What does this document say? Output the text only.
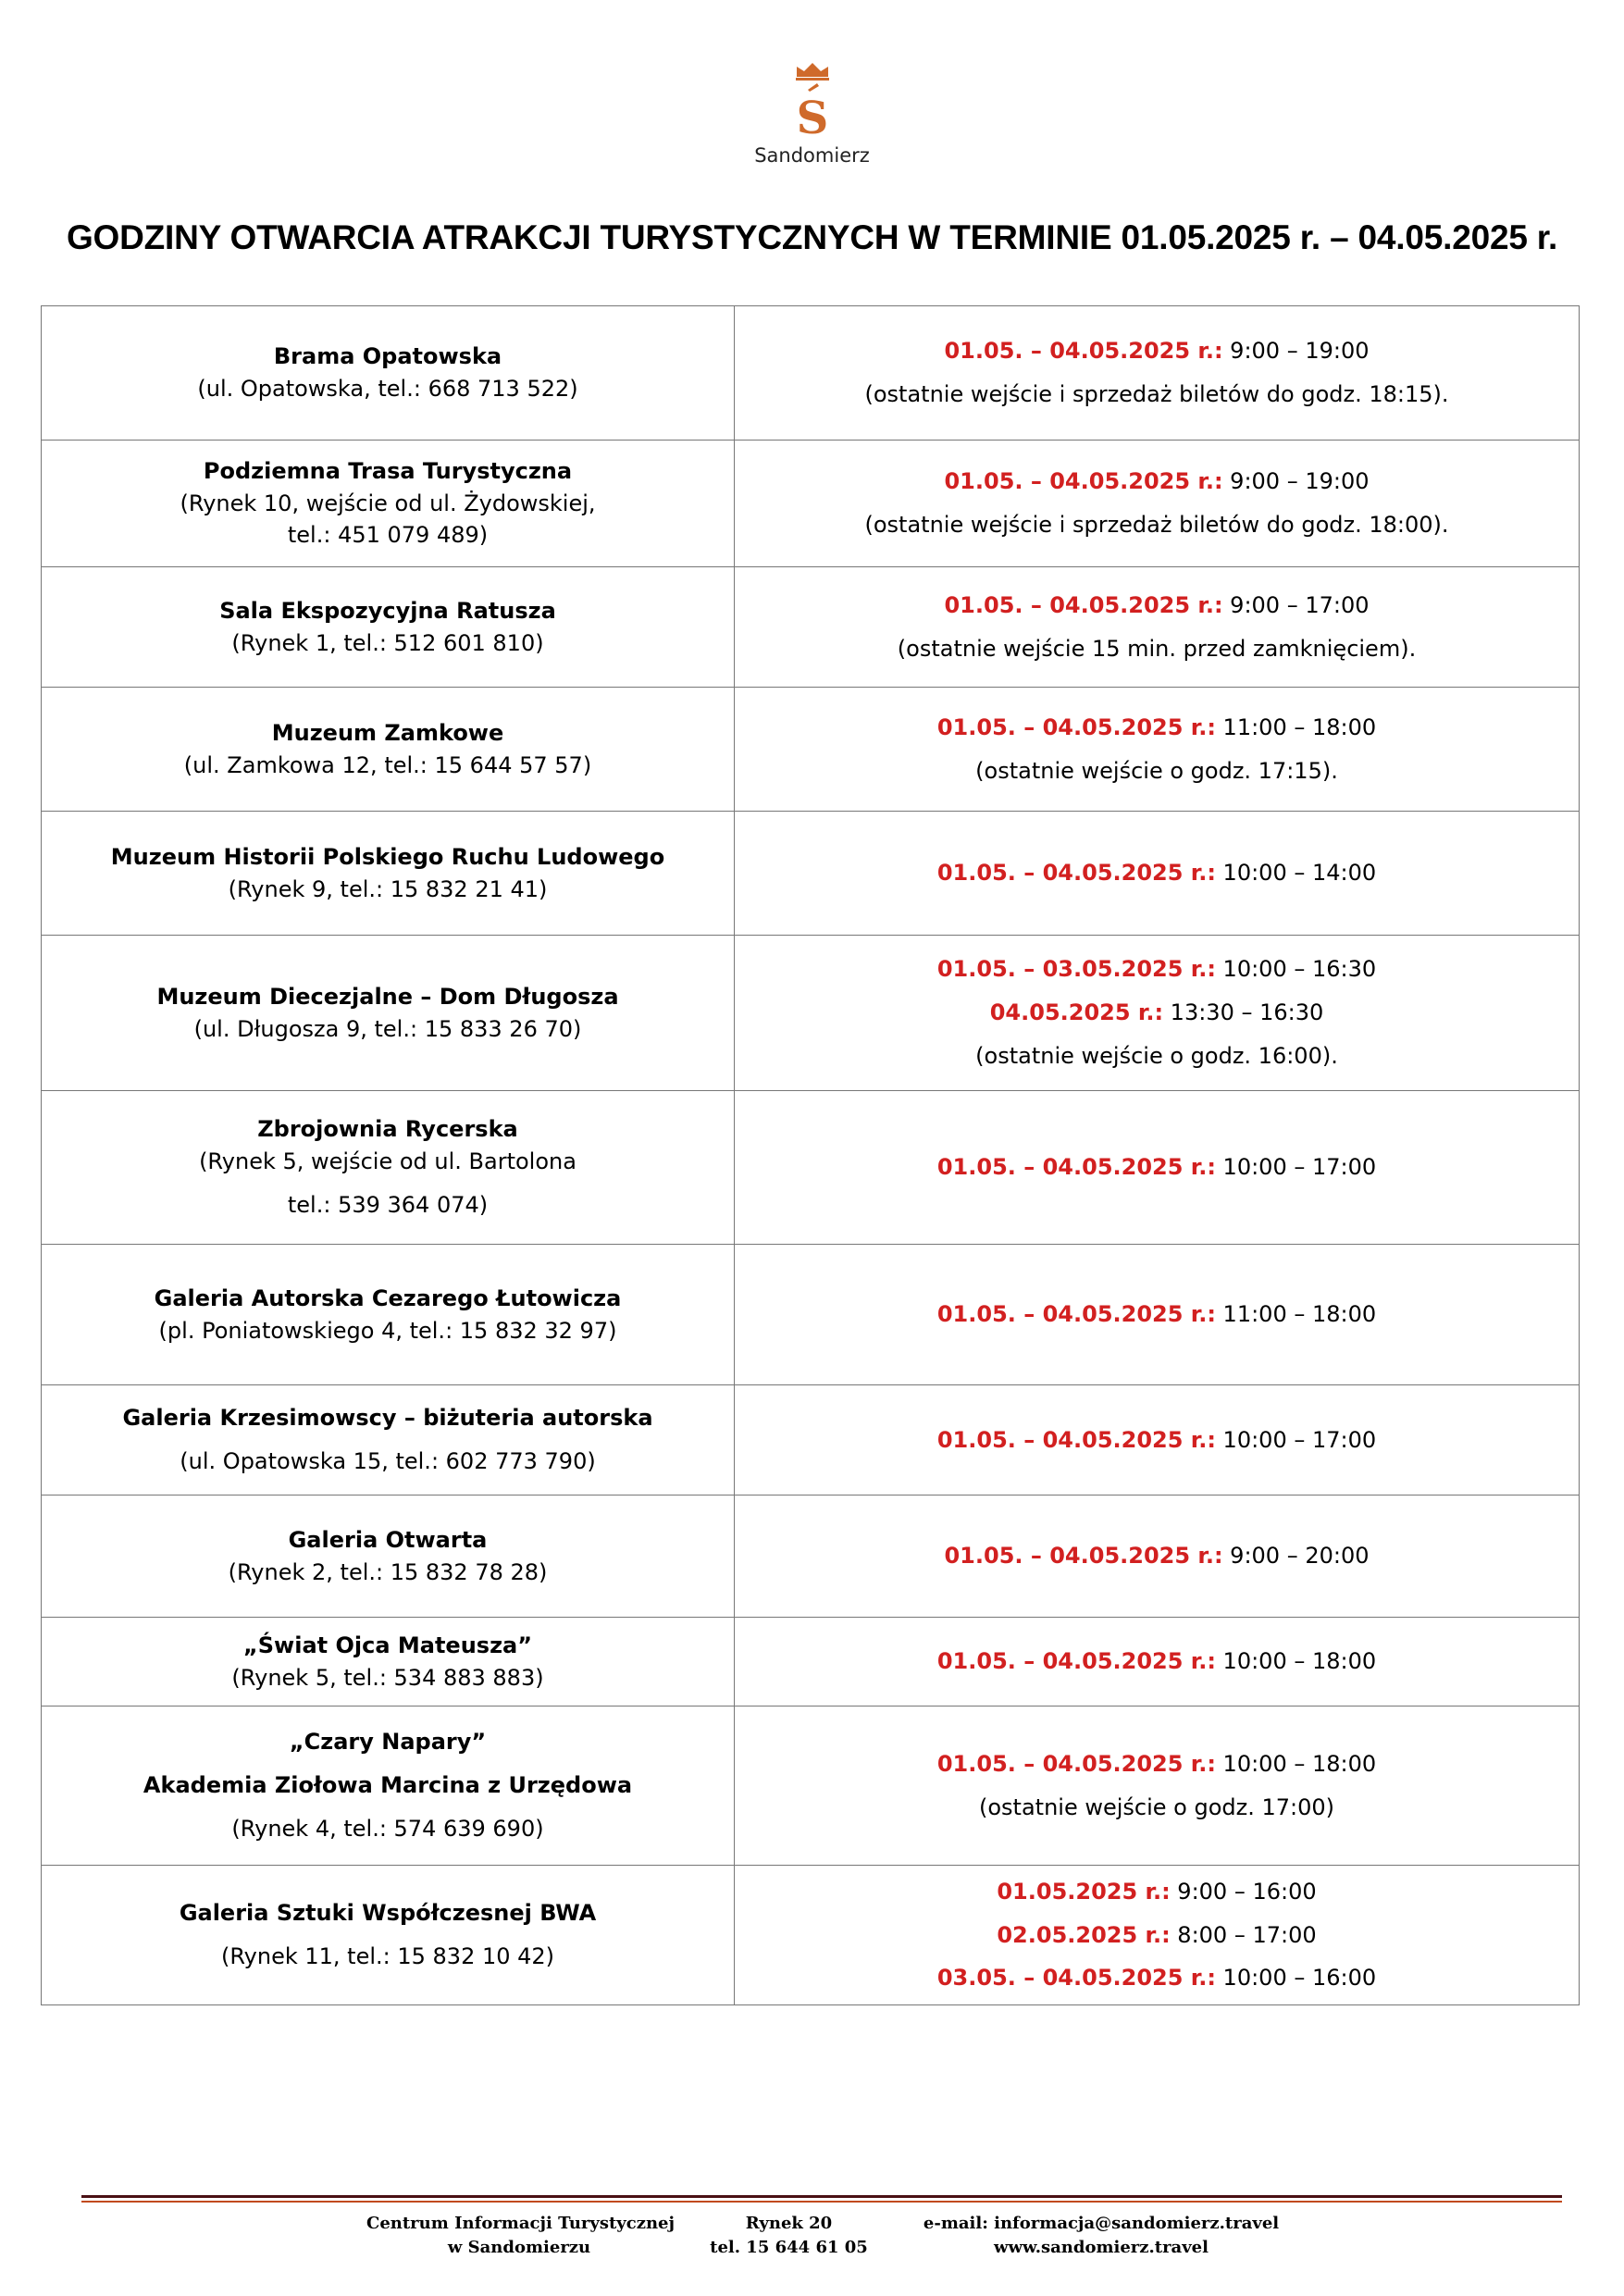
S
Sandomierz
GODZINY OTWARCIA ATRAKCJI TURYSTYCZNYCH W TERMINIE 01.05.2025 r. – 04.05.2025 r.
Brama Opatowska
(ul. Opatowska, tel.: 668 713 522)	01.05. – 04.05.2025 r.: 9:00 – 19:00
(ostatnie wejście i sprzedaż biletów do godz. 18:15).

Podziemna Trasa Turystyczna
(Rynek 10, wejście od ul. Żydowskiej,
tel.: 451 079 489)	01.05. – 04.05.2025 r.: 9:00 – 19:00
(ostatnie wejście i sprzedaż biletów do godz. 18:00).

Sala Ekspozycyjna Ratusza
(Rynek 1, tel.: 512 601 810)	01.05. – 04.05.2025 r.: 9:00 – 17:00
(ostatnie wejście 15 min. przed zamknięciem).

Muzeum Zamkowe
(ul. Zamkowa 12, tel.: 15 644 57 57)	01.05. – 04.05.2025 r.: 11:00 – 18:00
(ostatnie wejście o godz. 17:15).

Muzeum Historii Polskiego Ruchu Ludowego
(Rynek 9, tel.: 15 832 21 41)	01.05. – 04.05.2025 r.: 10:00 – 14:00

Muzeum Diecezjalne – Dom Długosza
(ul. Długosza 9, tel.: 15 833 26 70)	01.05. – 03.05.2025 r.: 10:00 – 16:30
04.05.2025 r.: 13:30 – 16:30
(ostatnie wejście o godz. 16:00).

Zbrojownia Rycerska
(Rynek 5, wejście od ul. Bartolona
tel.: 539 364 074)	01.05. – 04.05.2025 r.: 10:00 – 17:00

Galeria Autorska Cezarego Łutowicza
(pl. Poniatowskiego 4, tel.: 15 832 32 97)	01.05. – 04.05.2025 r.: 11:00 – 18:00

Galeria Krzesimowscy – biżuteria autorska
(ul. Opatowska 15, tel.: 602 773 790)	01.05. – 04.05.2025 r.: 10:00 – 17:00

Galeria Otwarta
(Rynek 2, tel.: 15 832 78 28)	01.05. – 04.05.2025 r.: 9:00 – 20:00

„Świat Ojca Mateusza”
(Rynek 5, tel.: 534 883 883)	01.05. – 04.05.2025 r.: 10:00 – 18:00

„Czary Napary”
Akademia Ziołowa Marcina z Urzędowa
(Rynek 4, tel.: 574 639 690)	01.05. – 04.05.2025 r.: 10:00 – 18:00
(ostatnie wejście o godz. 17:00)

Galeria Sztuki Współczesnej BWA
(Rynek 11, tel.: 15 832 10 42)	01.05.2025 r.: 9:00 – 16:00
02.05.2025 r.: 8:00 – 17:00
03.05. – 04.05.2025 r.: 10:00 – 16:00
Centrum Informacji Turystycznej
w Sandomierzu
Rynek 20
tel. 15 644 61 05
e-mail: informacja@sandomierz.travel
www.sandomierz.travel
